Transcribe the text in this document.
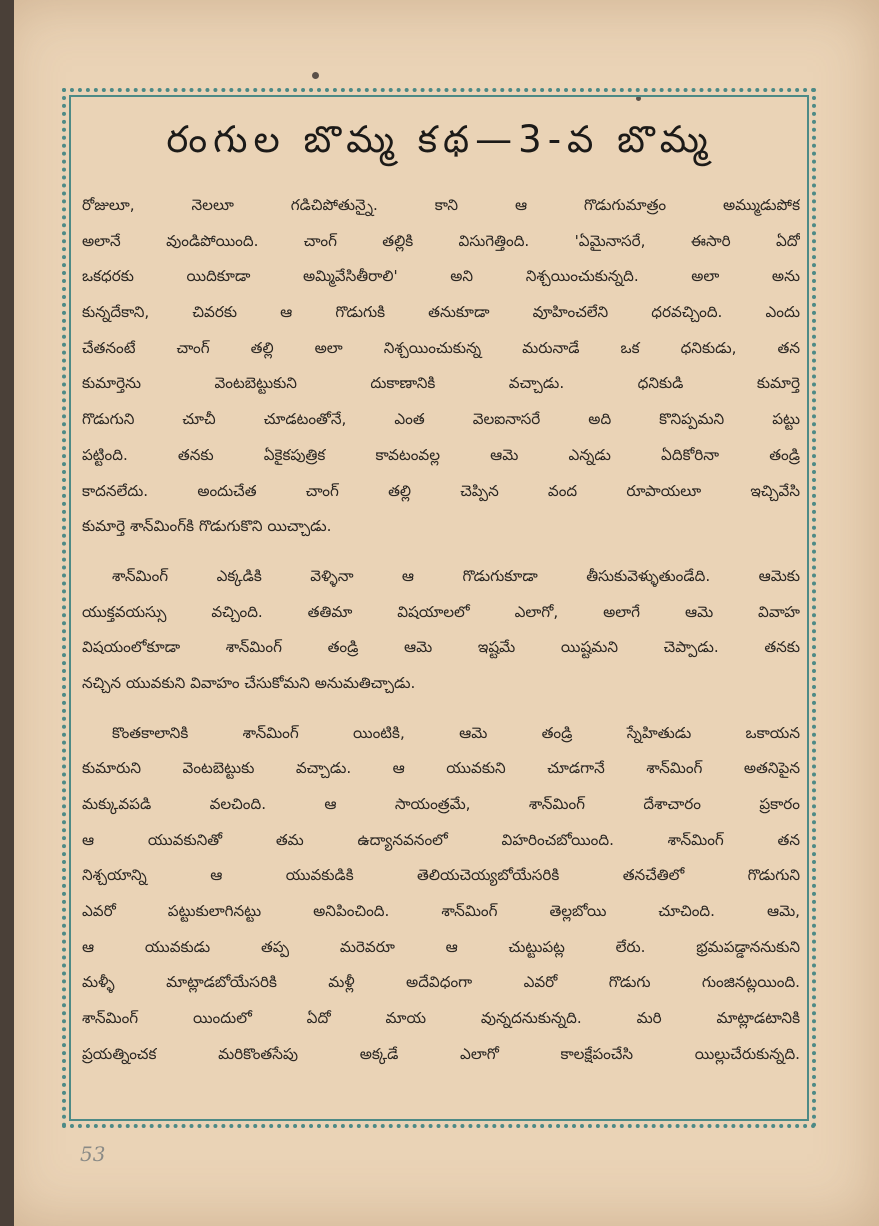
రంగుల బొమ్మ కథ—3-వ బొమ్మ
రోజులూ, నెలలూ గడిచిపోతున్నై. కాని ఆ గొడుగుమాత్రం అమ్ముడుపోక
అలానే వుండిపోయింది. చాంగ్ తల్లికి విసుగెత్తింది. 'ఏమైనాసరే, ఈసారి ఏదో
ఒకధరకు యిదికూడా అమ్మివేసితీరాలి' అని నిశ్చయించుకున్నది. అలా అను
కున్నదేకాని, చివరకు ఆ గొడుగుకి తనుకూడా వూహించలేని ధరవచ్చింది. ఎందు
చేతనంటే చాంగ్ తల్లి అలా నిశ్చయించుకున్న మరునాడే ఒక ధనికుడు, తన
కుమార్తెను వెంటబెట్టుకుని దుకాణానికి వచ్చాడు. ధనికుడి కుమార్తె
గొడుగుని చూచీ చూడటంతోనే, ఎంత వెలఐనాసరే అది కొనిప్పమని పట్టు
పట్టింది. తనకు ఏకైకపుత్రిక కావటంవల్ల ఆమె ఎన్నడు ఏదికోరినా తండ్రి
కాదనలేదు. అందుచేత చాంగ్ తల్లి చెప్పిన వంద రూపాయలూ ఇచ్చివేసి
కుమార్తె శాన్‌మింగ్‌కి గొడుగుకొని యిచ్చాడు.
శాన్‌మింగ్ ఎక్కడికి వెళ్ళినా ఆ గొడుగుకూడా తీసుకువెళ్ళుతుండేది. ఆమెకు
యుక్తవయస్సు వచ్చింది. తతిమా విషయాలలో ఎలాగో, అలాగే ఆమె వివాహ
విషయంలోకూడా శాన్‌మింగ్ తండ్రి ఆమె ఇష్టమే యిష్టమని చెప్పాడు. తనకు
నచ్చిన యువకుని వివాహం చేసుకోమని అనుమతిచ్చాడు.
కొంతకాలానికి శాన్‌మింగ్ యింటికి, ఆమె తండ్రి స్నేహితుడు ఒకాయన
కుమారుని వెంటబెట్టుకు వచ్చాడు. ఆ యువకుని చూడగానే శాన్‌మింగ్ అతనిపైన
మక్కువపడి వలచింది. ఆ సాయంత్రమే, శాన్‌మింగ్ దేశాచారం ప్రకారం
ఆ యువకునితో తమ ఉద్యానవనంలో విహరించబోయింది. శాన్‌మింగ్ తన
నిశ్చయాన్ని ఆ యువకుడికి తెలియచెయ్యబోయేసరికి తనచేతిలో గొడుగుని
ఎవరో పట్టుకులాగినట్టు అనిపించింది. శాన్‌మింగ్ తెల్లబోయి చూచింది. ఆమె,
ఆ యువకుడు తప్ప మరెవరూ ఆ చుట్టుపట్ల లేరు. భ్రమపడ్డాననుకుని
మళ్ళీ మాట్లాడబోయేసరికి మళ్లీ అదేవిధంగా ఎవరో గొడుగు గుంజినట్లయింది.
శాన్‌మింగ్ యిందులో ఏదో మాయ వున్నదనుకున్నది. మరి మాట్లాడటానికి
ప్రయత్నించక మరికొంతసేపు అక్కడే ఎలాగో కాలక్షేపంచేసి యిల్లుచేరుకున్నది.
53
